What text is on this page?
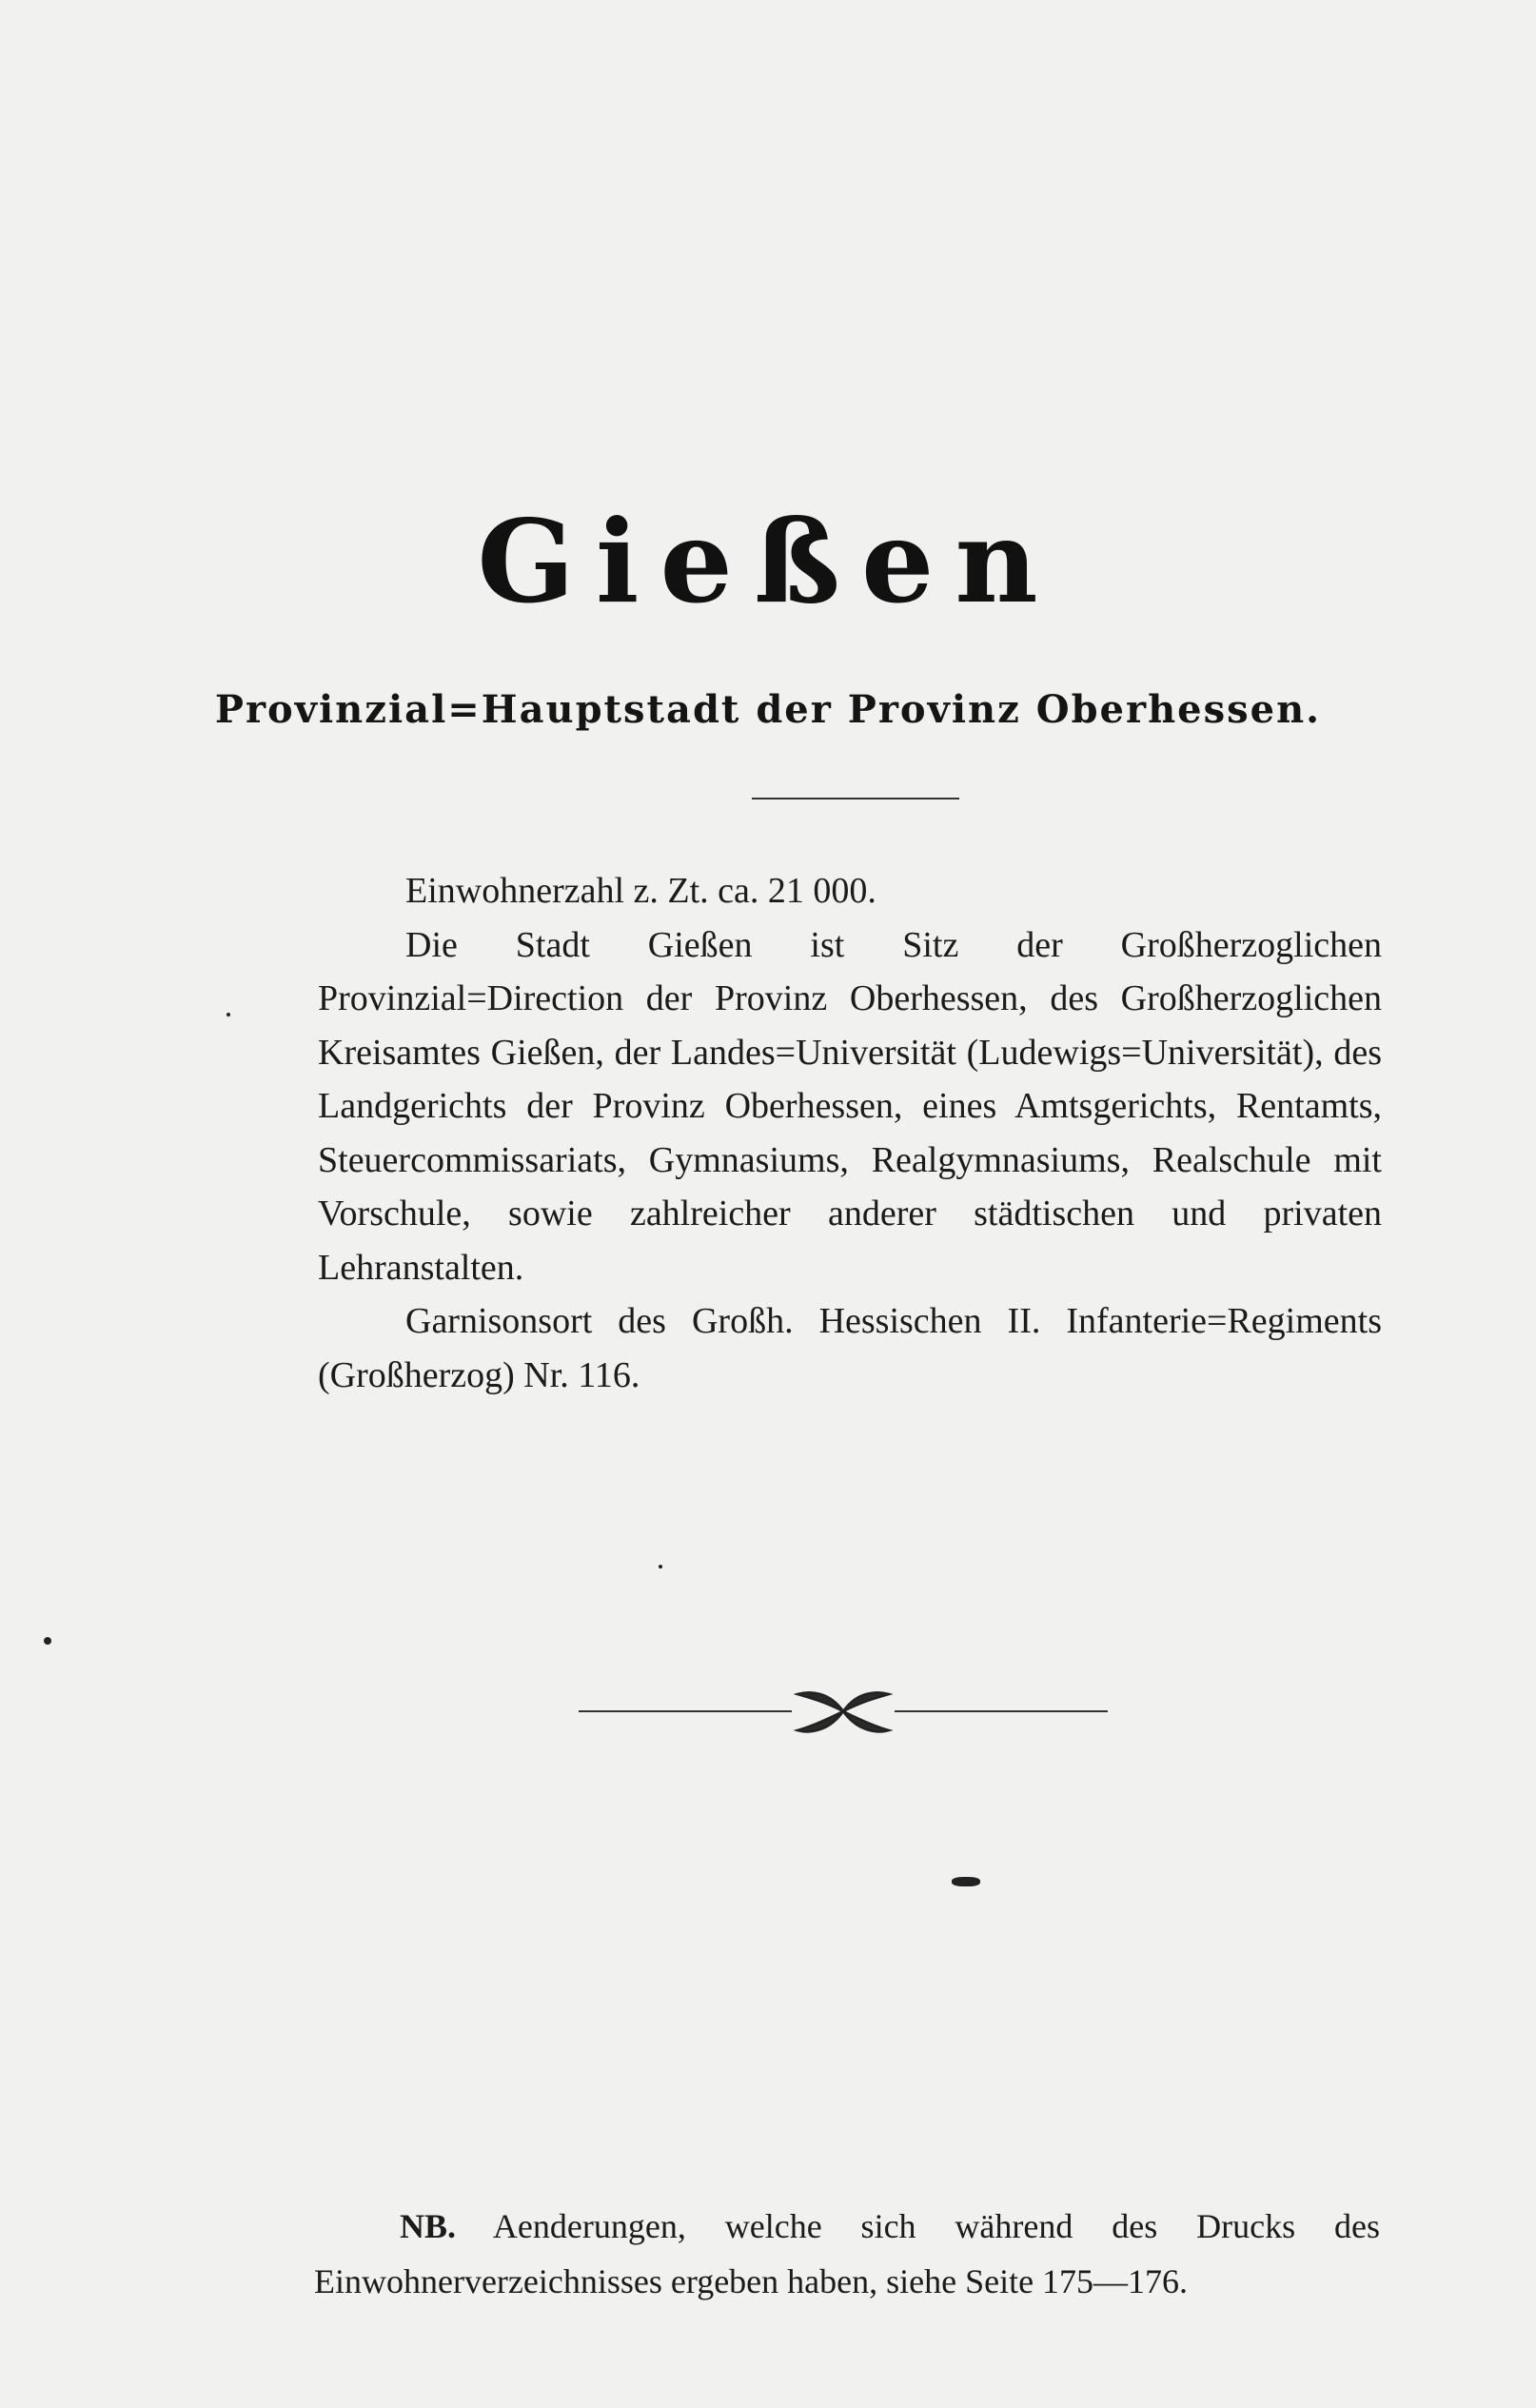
Gießen
Provinzial=Hauptstadt der Provinz Oberhessen.

Einwohnerzahl z. Zt. ca. 21 000.

Die Stadt Gießen ist Sitz der Großherzoglichen Provinzial=Direction der Provinz Oberhessen, des Großherzoglichen Kreisamtes Gießen, der Landes=Universität (Ludewigs=Universität), des Landgerichts der Provinz Oberhessen, eines Amtsgerichts, Rentamts, Steuercommissariats, Gymnasiums, Realgymnasiums, Realschule mit Vorschule, sowie zahlreicher anderer städtischen und privaten Lehranstalten.

Garnisonsort des Großh. Hessischen II. Infanterie=Regiments (Großherzog) Nr. 116.

NB. Aenderungen, welche sich während des Drucks des Einwohnerverzeichnisses ergeben haben, siehe Seite 175—176.
